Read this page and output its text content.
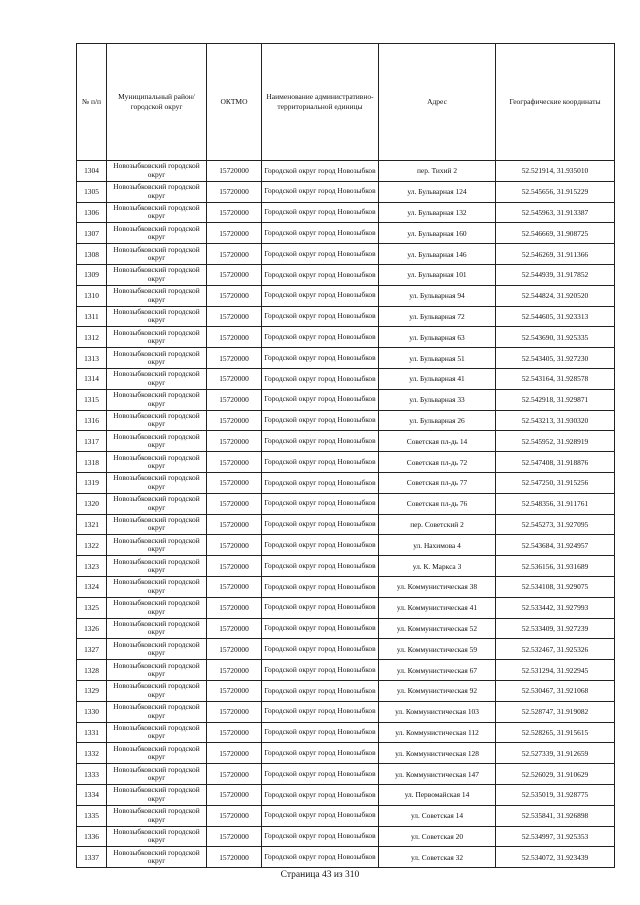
№ п/п	Муниципальный район/городской округ	ОКТМО	Наименование административно-территориальной единицы	Адрес	Географические координаты
1304	Новозыбковский городской округ	15720000	Городской округ город Новозыбков	пер. Тихий 2	52.521914, 31.935010
1305	Новозыбковский городской округ	15720000	Городской округ город Новозыбков	ул. Бульварная 124	52.545656, 31.915229
1306	Новозыбковский городской округ	15720000	Городской округ город Новозыбков	ул. Бульварная 132	52.545963, 31.913387
1307	Новозыбковский городской округ	15720000	Городской округ город Новозыбков	ул. Бульварная 160	52.546669, 31.908725
1308	Новозыбковский городской округ	15720000	Городской округ город Новозыбков	ул. Бульварная 146	52.546269, 31.911366
1309	Новозыбковский городской округ	15720000	Городской округ город Новозыбков	ул. Бульварная 101	52.544939, 31.917852
1310	Новозыбковский городской округ	15720000	Городской округ город Новозыбков	ул. Бульварная 94	52.544824, 31.920520
1311	Новозыбковский городской округ	15720000	Городской округ город Новозыбков	ул. Бульварная 72	52.544605, 31.923313
1312	Новозыбковский городской округ	15720000	Городской округ город Новозыбков	ул. Бульварная 63	52.543690, 31.925335
1313	Новозыбковский городской округ	15720000	Городской округ город Новозыбков	ул. Бульварная 51	52.543405, 31.927230
1314	Новозыбковский городской округ	15720000	Городской округ город Новозыбков	ул. Бульварная 41	52.543164, 31.928578
1315	Новозыбковский городской округ	15720000	Городской округ город Новозыбков	ул. Бульварная 33	52.542918, 31.929871
1316	Новозыбковский городской округ	15720000	Городской округ город Новозыбков	ул. Бульварная 26	52.543213, 31.930320
1317	Новозыбковский городской округ	15720000	Городской округ город Новозыбков	Советская пл-дь 14	52.545952, 31.928919
1318	Новозыбковский городской округ	15720000	Городской округ город Новозыбков	Советская пл-дь 72	52.547408, 31.918876
1319	Новозыбковский городской округ	15720000	Городской округ город Новозыбков	Советская пл-дь 77	52.547250, 31.915256
1320	Новозыбковский городской округ	15720000	Городской округ город Новозыбков	Советская пл-дь 76	52.548356, 31.911761
1321	Новозыбковский городской округ	15720000	Городской округ город Новозыбков	пер. Советский 2	52.545273, 31.927095
1322	Новозыбковский городской округ	15720000	Городской округ город Новозыбков	ул. Нахимова 4	52.543684, 31.924957
1323	Новозыбковский городской округ	15720000	Городской округ город Новозыбков	ул. К. Маркса 3	52.536156, 31.931689
1324	Новозыбковский городской округ	15720000	Городской округ город Новозыбков	ул. Коммунистическая 38	52.534108, 31.929075
1325	Новозыбковский городской округ	15720000	Городской округ город Новозыбков	ул. Коммунистическая 41	52.533442, 31.927993
1326	Новозыбковский городской округ	15720000	Городской округ город Новозыбков	ул. Коммунистическая 52	52.533409, 31.927239
1327	Новозыбковский городской округ	15720000	Городской округ город Новозыбков	ул. Коммунистическая 59	52.532467, 31.925326
1328	Новозыбковский городской округ	15720000	Городской округ город Новозыбков	ул. Коммунистическая 67	52.531294, 31.922945
1329	Новозыбковский городской округ	15720000	Городской округ город Новозыбков	ул. Коммунистическая 92	52.530467, 31.921068
1330	Новозыбковский городской округ	15720000	Городской округ город Новозыбков	ул. Коммунистическая 103	52.528747, 31.919082
1331	Новозыбковский городской округ	15720000	Городской округ город Новозыбков	ул. Коммунистическая 112	52.528265, 31.915615
1332	Новозыбковский городской округ	15720000	Городской округ город Новозыбков	ул. Коммунистическая 128	52.527339, 31.912659
1333	Новозыбковский городской округ	15720000	Городской округ город Новозыбков	ул. Коммунистическая 147	52.526029, 31.910629
1334	Новозыбковский городской округ	15720000	Городской округ город Новозыбков	ул. Первомайская 14	52.535019, 31.928775
1335	Новозыбковский городской округ	15720000	Городской округ город Новозыбков	ул. Советская 14	52.535841, 31.926898
1336	Новозыбковский городской округ	15720000	Городской округ город Новозыбков	ул. Советская 20	52.534997, 31.925353
1337	Новозыбковский городской округ	15720000	Городской округ город Новозыбков	ул. Советская 32	52.534072, 31.923439
Страница 43 из 310
